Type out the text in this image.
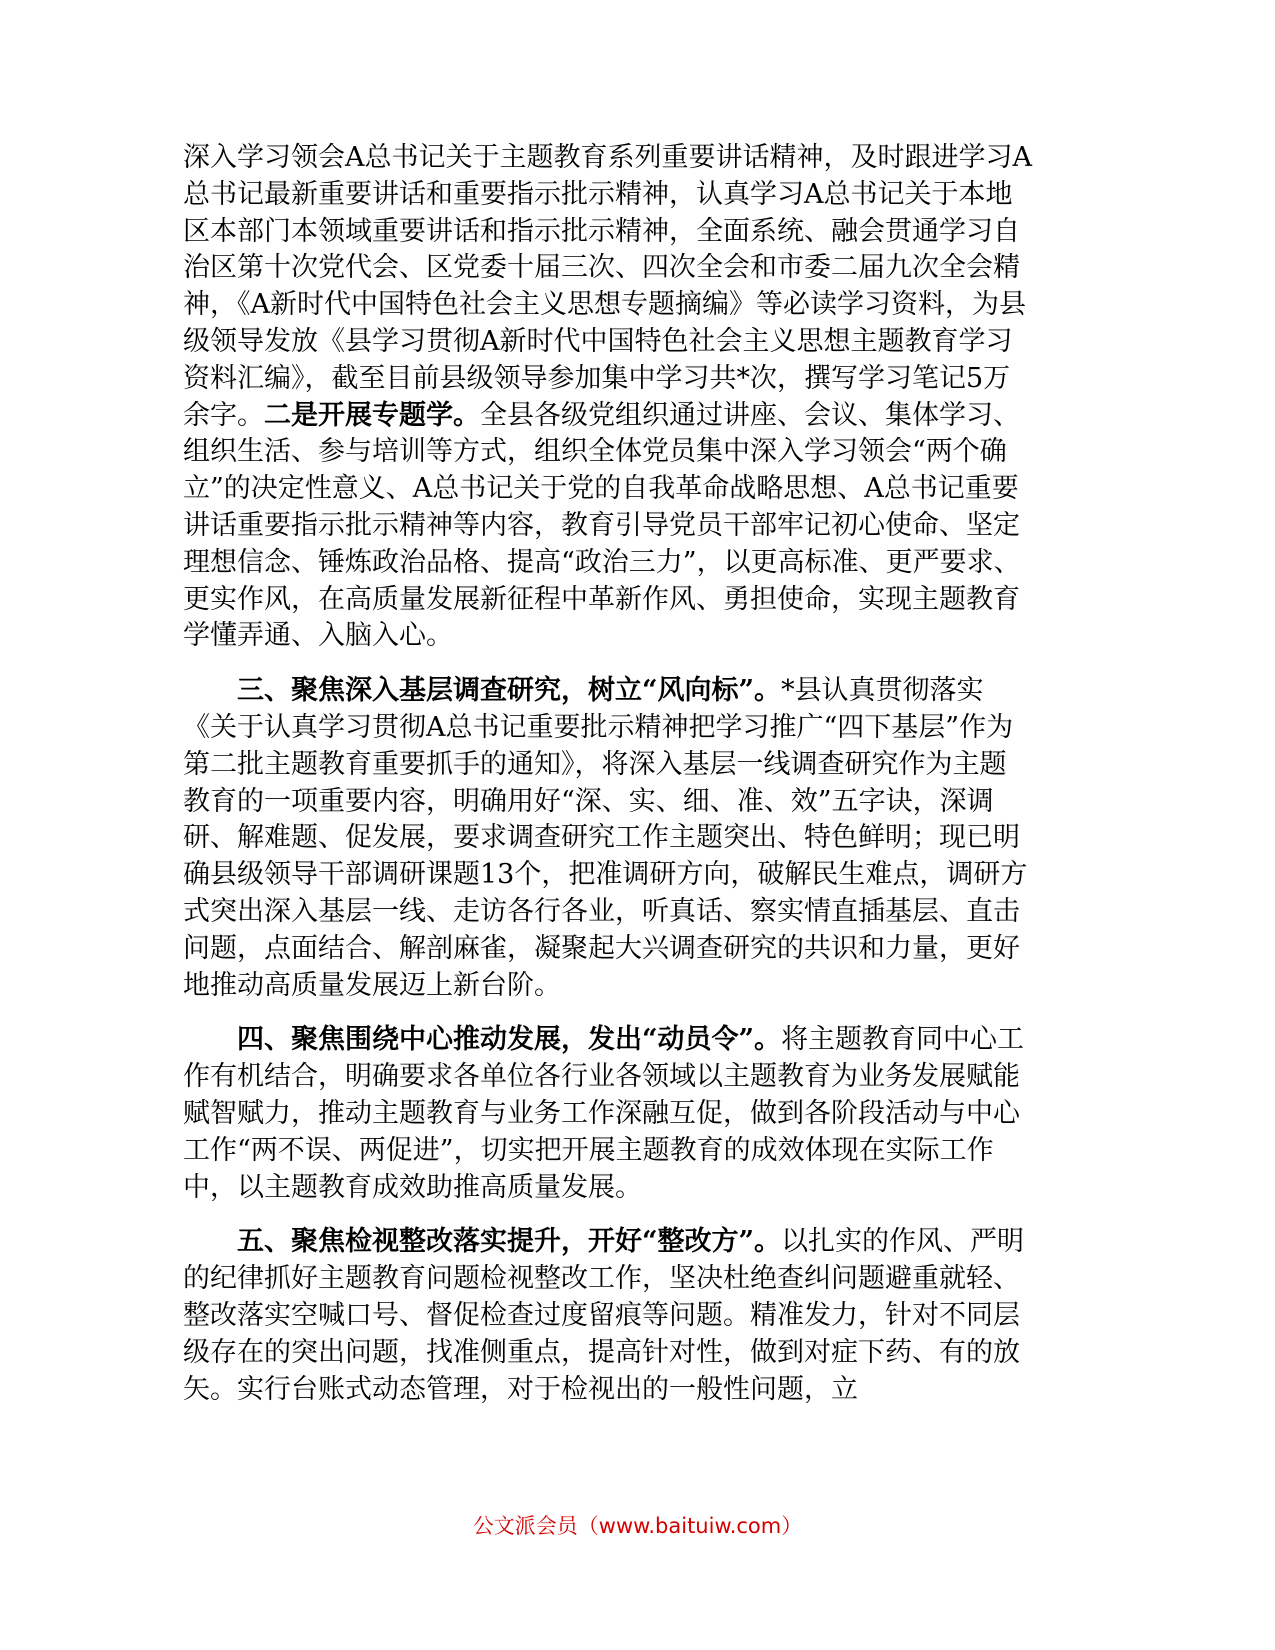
深入学习领会A总书记关于主题教育系列重要讲话精神，及时跟进学习A总书记最新重要讲话和重要指示批示精神，认真学习A总书记关于本地区本部门本领域重要讲话和指示批示精神，全面系统、融会贯通学习自治区第十次党代会、区党委十届三次、四次全会和市委二届九次全会精神，《A新时代中国特色社会主义思想专题摘编》等必读学习资料，为县级领导发放《县学习贯彻A新时代中国特色社会主义思想主题教育学习资料汇编》，截至目前县级领导参加集中学习共*次，撰写学习笔记5万余字。二是开展专题学。全县各级党组织通过讲座、会议、集体学习、组织生活、参与培训等方式，组织全体党员集中深入学习领会“两个确立”的决定性意义、A总书记关于党的自我革命战略思想、A总书记重要讲话重要指示批示精神等内容，教育引导党员干部牢记初心使命、坚定理想信念、锤炼政治品格、提高“政治三力”，以更高标准、更严要求、更实作风，在高质量发展新征程中革新作风、勇担使命，实现主题教育学懂弄通、入脑入心。

三、聚焦深入基层调查研究，树立“风向标”。*县认真贯彻落实《关于认真学习贯彻A总书记重要批示精神把学习推广“四下基层”作为第二批主题教育重要抓手的通知》，将深入基层一线调查研究作为主题教育的一项重要内容，明确用好“深、实、细、准、效”五字诀，深调研、解难题、促发展，要求调查研究工作主题突出、特色鲜明；现已明确县级领导干部调研课题13个，把准调研方向，破解民生难点，调研方式突出深入基层一线、走访各行各业，听真话、察实情直插基层、直击问题，点面结合、解剖麻雀，凝聚起大兴调查研究的共识和力量，更好地推动高质量发展迈上新台阶。

四、聚焦围绕中心推动发展，发出“动员令”。将主题教育同中心工作有机结合，明确要求各单位各行业各领域以主题教育为业务发展赋能赋智赋力，推动主题教育与业务工作深融互促，做到各阶段活动与中心工作“两不误、两促进”，切实把开展主题教育的成效体现在实际工作中，以主题教育成效助推高质量发展。

五、聚焦检视整改落实提升，开好“整改方”。以扎实的作风、严明的纪律抓好主题教育问题检视整改工作，坚决杜绝查纠问题避重就轻、整改落实空喊口号、督促检查过度留痕等问题。精准发力，针对不同层级存在的突出问题，找准侧重点，提高针对性，做到对症下药、有的放矢。实行台账式动态管理，对于检视出的一般性问题，立

公文派会员（www.baituiw.com）
